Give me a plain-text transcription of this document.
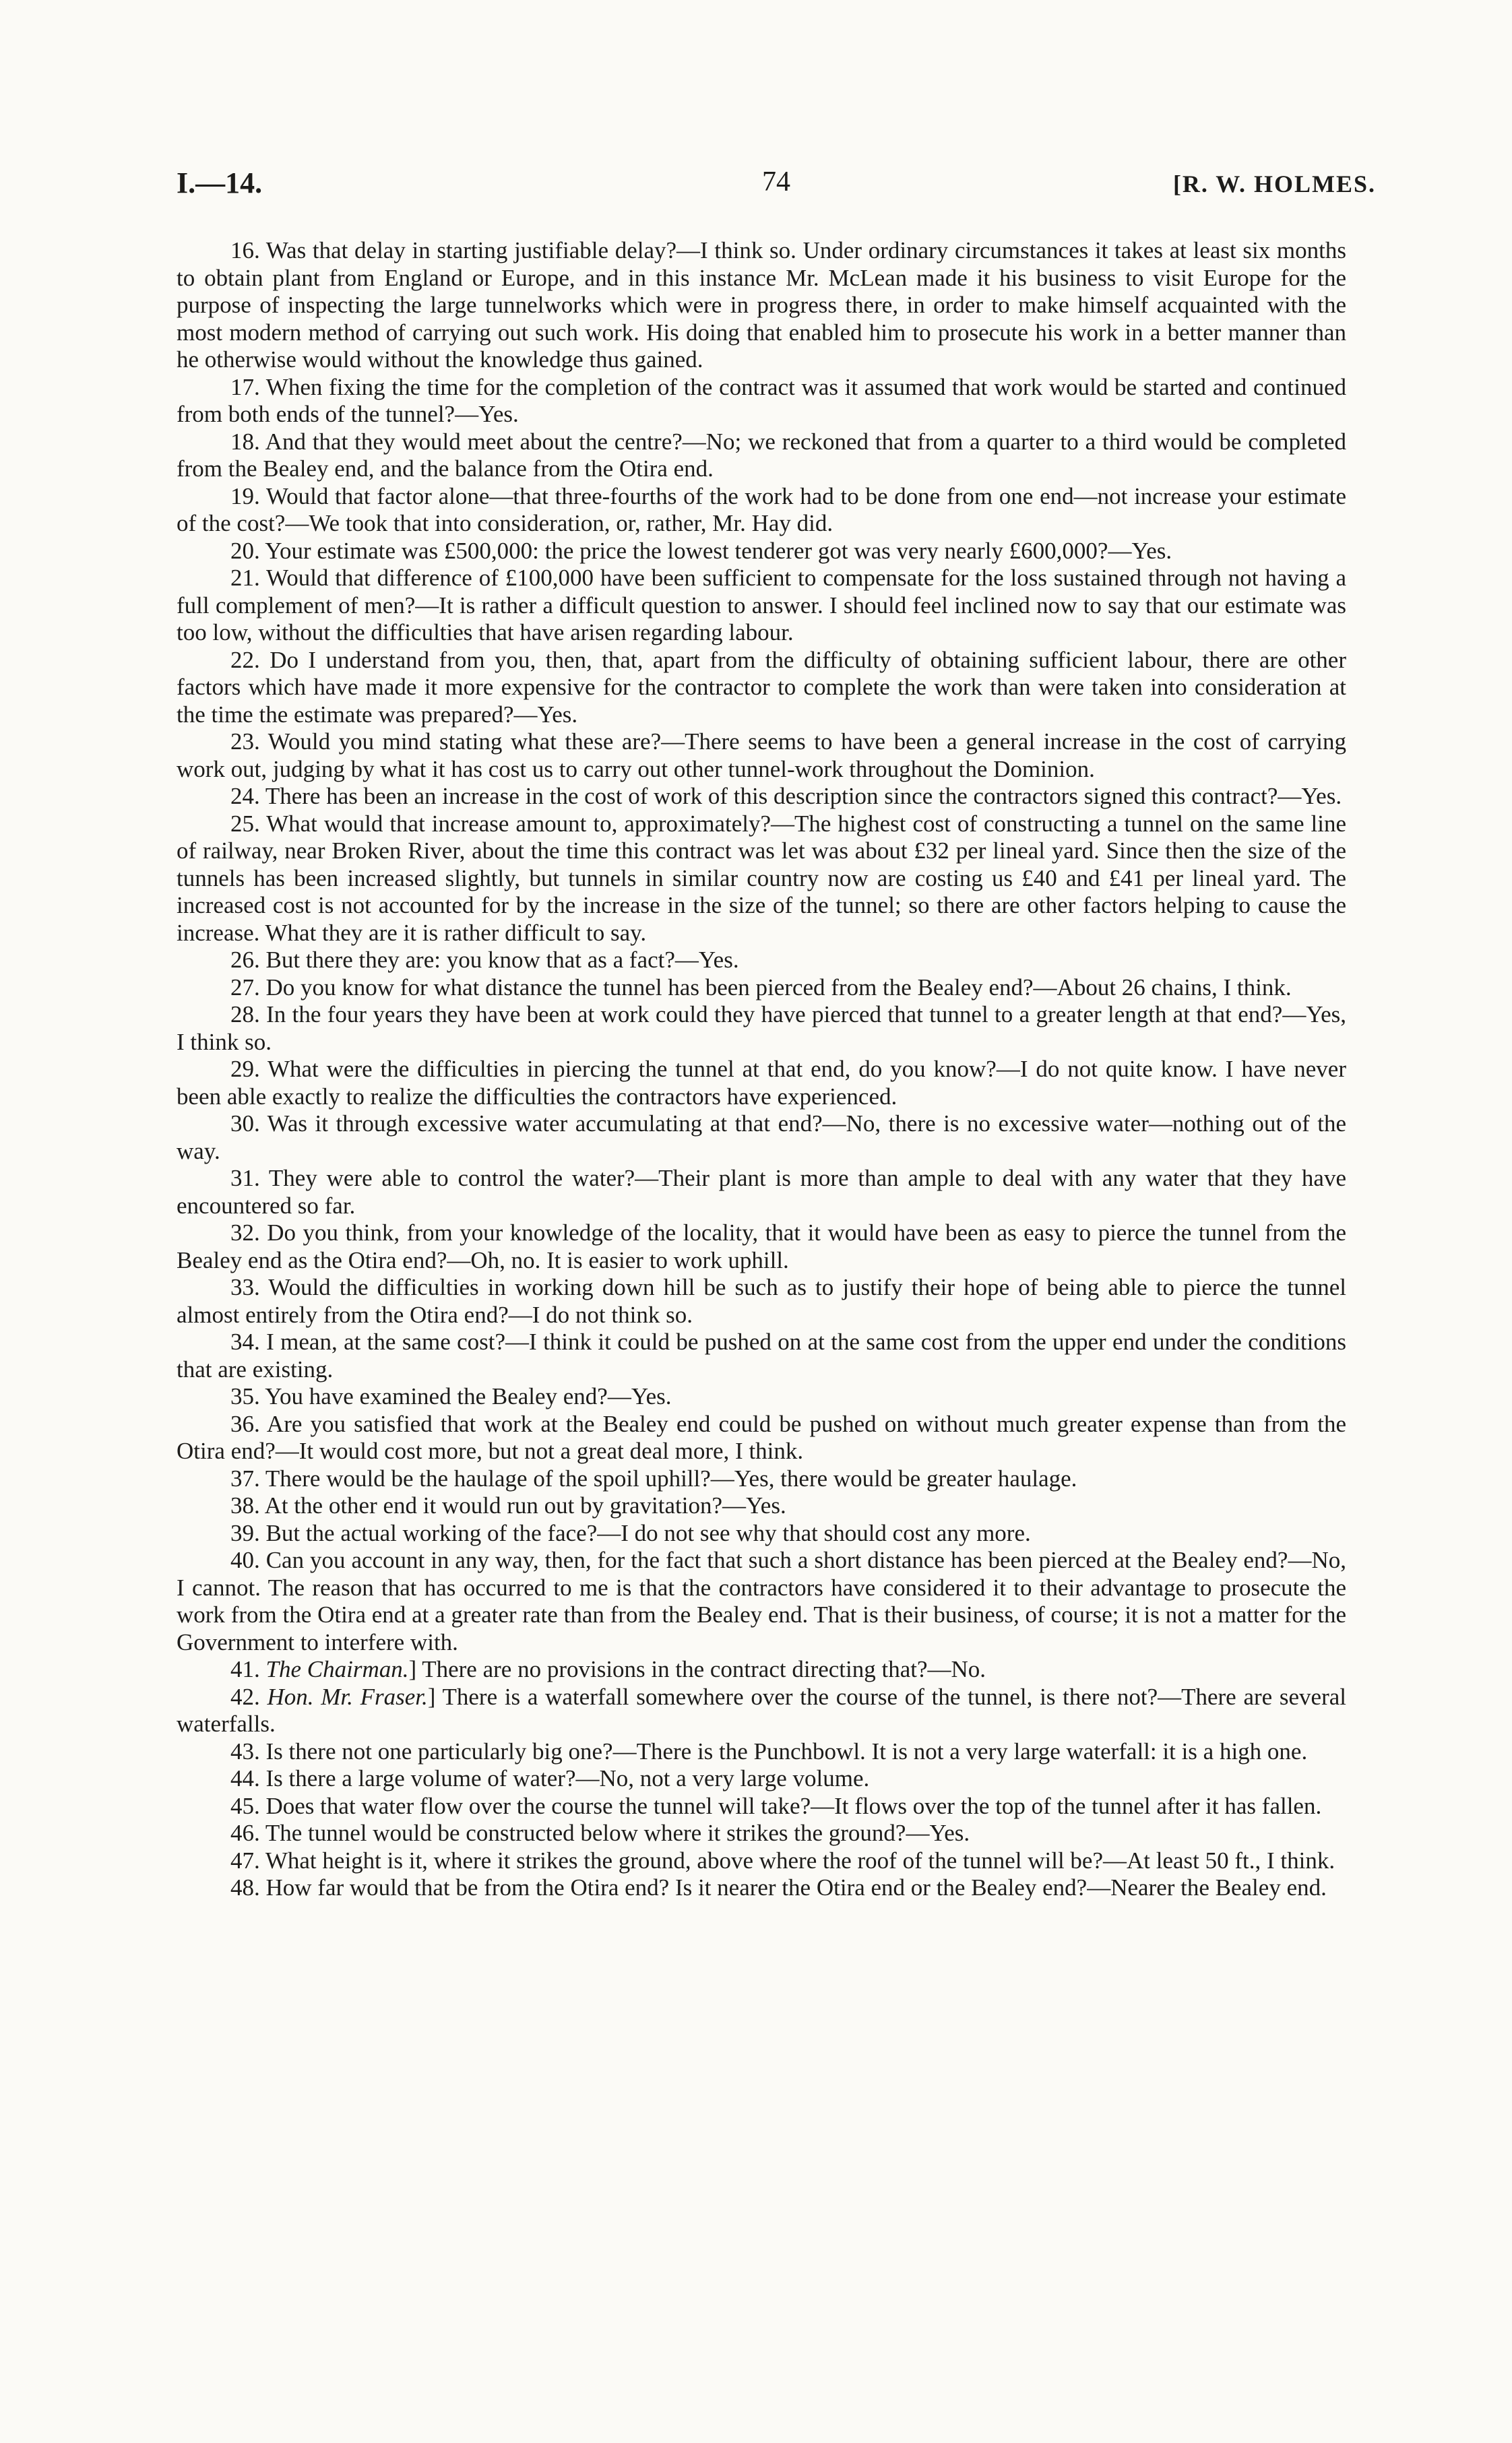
I.—14.	74	[R. W. HOLMES.

16. Was that delay in starting justifiable delay?—I think so. Under ordinary circumstances it takes at least six months to obtain plant from England or Europe, and in this instance Mr. McLean made it his business to visit Europe for the purpose of inspecting the large tunnelworks which were in progress there, in order to make himself acquainted with the most modern method of carrying out such work. His doing that enabled him to prosecute his work in a better manner than he otherwise would without the knowledge thus gained.

17. When fixing the time for the completion of the contract was it assumed that work would be started and continued from both ends of the tunnel?—Yes.

18. And that they would meet about the centre?—No; we reckoned that from a quarter to a third would be completed from the Bealey end, and the balance from the Otira end.

19. Would that factor alone—that three-fourths of the work had to be done from one end—not increase your estimate of the cost?—We took that into consideration, or, rather, Mr. Hay did.

20. Your estimate was £500,000: the price the lowest tenderer got was very nearly £600,000?—Yes.

21. Would that difference of £100,000 have been sufficient to compensate for the loss sustained through not having a full complement of men?—It is rather a difficult question to answer. I should feel inclined now to say that our estimate was too low, without the difficulties that have arisen regarding labour.

22. Do I understand from you, then, that, apart from the difficulty of obtaining sufficient labour, there are other factors which have made it more expensive for the contractor to complete the work than were taken into consideration at the time the estimate was prepared?—Yes.

23. Would you mind stating what these are?—There seems to have been a general increase in the cost of carrying work out, judging by what it has cost us to carry out other tunnel-work throughout the Dominion.

24. There has been an increase in the cost of work of this description since the contractors signed this contract?—Yes.

25. What would that increase amount to, approximately?—The highest cost of constructing a tunnel on the same line of railway, near Broken River, about the time this contract was let was about £32 per lineal yard. Since then the size of the tunnels has been increased slightly, but tunnels in similar country now are costing us £40 and £41 per lineal yard. The increased cost is not accounted for by the increase in the size of the tunnel; so there are other factors helping to cause the increase. What they are it is rather difficult to say.

26. But there they are: you know that as a fact?—Yes.

27. Do you know for what distance the tunnel has been pierced from the Bealey end?—About 26 chains, I think.

28. In the four years they have been at work could they have pierced that tunnel to a greater length at that end?—Yes, I think so.

29. What were the difficulties in piercing the tunnel at that end, do you know?—I do not quite know. I have never been able exactly to realize the difficulties the contractors have experienced.

30. Was it through excessive water accumulating at that end?—No, there is no excessive water—nothing out of the way.

31. They were able to control the water?—Their plant is more than ample to deal with any water that they have encountered so far.

32. Do you think, from your knowledge of the locality, that it would have been as easy to pierce the tunnel from the Bealey end as the Otira end?—Oh, no. It is easier to work uphill.

33. Would the difficulties in working down hill be such as to justify their hope of being able to pierce the tunnel almost entirely from the Otira end?—I do not think so.

34. I mean, at the same cost?—I think it could be pushed on at the same cost from the upper end under the conditions that are existing.

35. You have examined the Bealey end?—Yes.

36. Are you satisfied that work at the Bealey end could be pushed on without much greater expense than from the Otira end?—It would cost more, but not a great deal more, I think.

37. There would be the haulage of the spoil uphill?—Yes, there would be greater haulage.

38. At the other end it would run out by gravitation?—Yes.

39. But the actual working of the face?—I do not see why that should cost any more.

40. Can you account in any way, then, for the fact that such a short distance has been pierced at the Bealey end?—No, I cannot. The reason that has occurred to me is that the contractors have considered it to their advantage to prosecute the work from the Otira end at a greater rate than from the Bealey end. That is their business, of course; it is not a matter for the Government to interfere with.

41. The Chairman.] There are no provisions in the contract directing that?—No.

42. Hon. Mr. Fraser.] There is a waterfall somewhere over the course of the tunnel, is there not?—There are several waterfalls.

43. Is there not one particularly big one?—There is the Punchbowl. It is not a very large waterfall: it is a high one.

44. Is there a large volume of water?—No, not a very large volume.

45. Does that water flow over the course the tunnel will take?—It flows over the top of the tunnel after it has fallen.

46. The tunnel would be constructed below where it strikes the ground?—Yes.

47. What height is it, where it strikes the ground, above where the roof of the tunnel will be?—At least 50 ft., I think.

48. How far would that be from the Otira end? Is it nearer the Otira end or the Bealey end?—Nearer the Bealey end.
